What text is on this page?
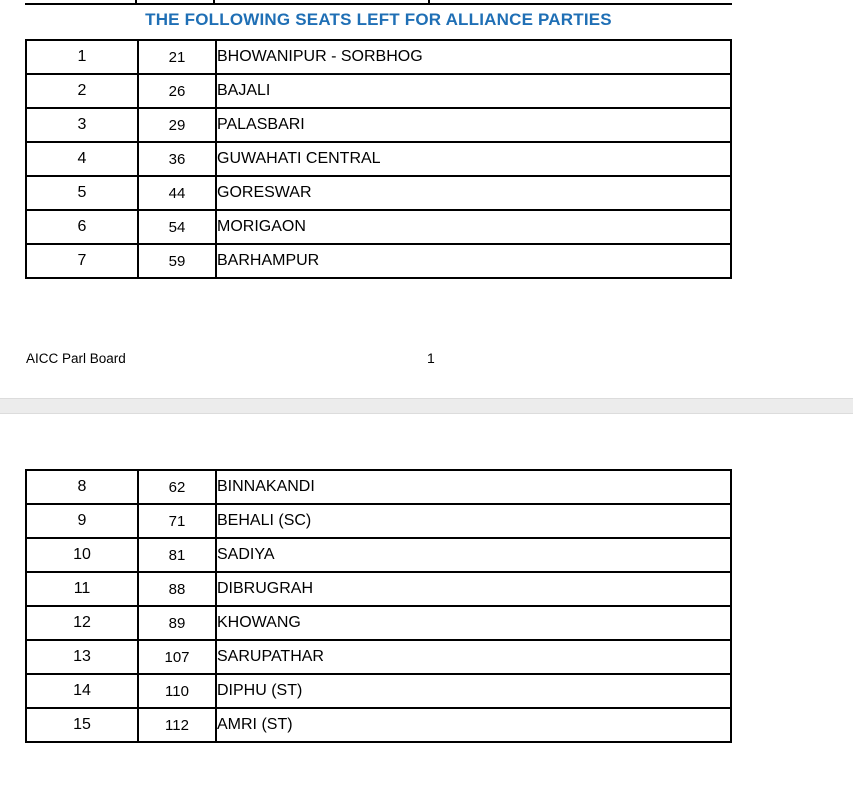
THE FOLLOWING SEATS LEFT FOR ALLIANCE PARTIES
1	21	BHOWANIPUR - SORBHOG
2	26	BAJALI
3	29	PALASBARI
4	36	GUWAHATI CENTRAL
5	44	GORESWAR
6	54	MORIGAON
7	59	BARHAMPUR
AICC Parl Board	1
8	62	BINNAKANDI
9	71	BEHALI (SC)
10	81	SADIYA
11	88	DIBRUGRAH
12	89	KHOWANG
13	107	SARUPATHAR
14	110	DIPHU (ST)
15	112	AMRI (ST)
